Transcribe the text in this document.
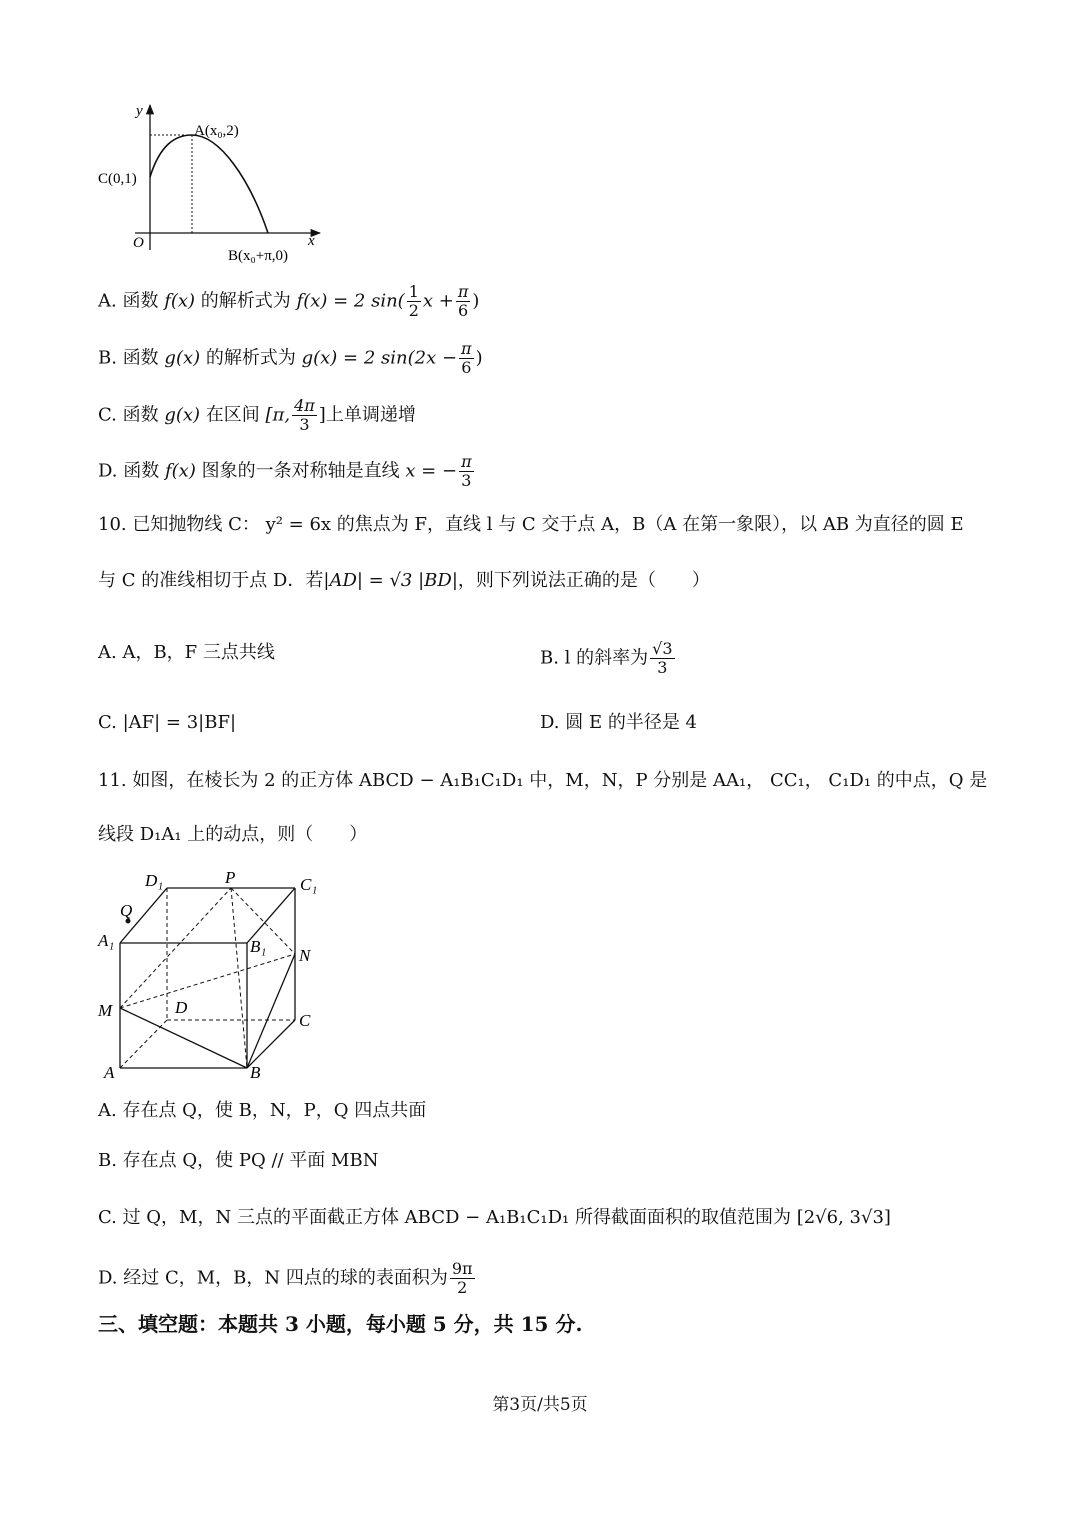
y
x
O
A(x₀,2)
C(0,1)
B(x₀+π,0)
A. 函数 f(x) 的解析式为 f(x) = 2 $\sin( \frac{1}{2}$ $x + \frac{\pi}{6}$ )
B. 函数 g(x) 的解析式为 g(x) = 2 $\sin(2x - \frac{\pi}{6}$ )
C. 函数 g(x) 在区间 [π, $\frac{4\pi}{3}$ ]上单调递增
D. 函数 f(x) 图象的一条对称轴是直线 x = − $\frac{\pi}{3}$
10. 已知抛物线 C： y² = 6x 的焦点为 F，直线 l 与 C 交于点 A，B（A 在第一象限），以 AB 为直径的圆 E
与 C 的准线相切于点 D．若|AD| = √3 |BD|，则下列说法正确的是（　　）
A. A，B，F 三点共线	B. l 的斜率为 $\frac{√3}{3}$
C. |AF| = 3|BF|	D. 圆 E 的半径是 4
11. 如图，在棱长为 2 的正方体 ABCD − A₁B₁C₁D₁ 中，M，N，P 分别是 AA₁， CC₁， C₁D₁ 的中点，Q 是
线段 D₁A₁ 上的动点，则（　　）
D₁	P	C₁
Q
A₁	B₁ N
M	D
C
A	B
A. 存在点 Q，使 B，N，P，Q 四点共面
B. 存在点 Q，使 PQ // 平面 MBN
C. 过 Q，M，N 三点的平面截正方体 ABCD − A₁B₁C₁D₁ 所得截面面积的取值范围为 [2√6, 3√3]
D. 经过 C，M，B，N 四点的球的表面积为 $\frac{9\pi}{2}$
三、填空题：本题共 3 小题，每小题 5 分，共 15 分.
第3页/共5页
